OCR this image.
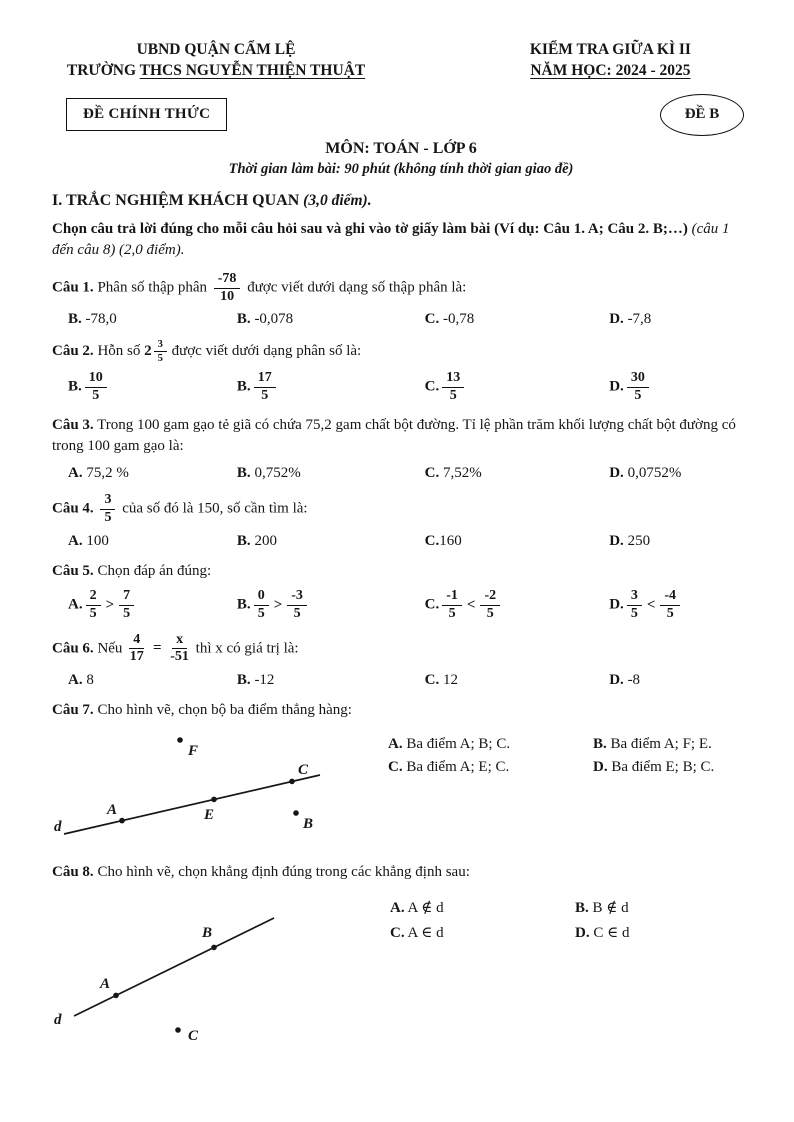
UBND QUẬN CẨM LỆ
TRƯỜNG THCS NGUYỄN THIỆN THUẬT
KIỂM TRA GIỮA KÌ II
NĂM HỌC: 2024 - 2025
ĐỀ CHÍNH THỨC	ĐỀ B
MÔN: TOÁN - LỚP 6
Thời gian làm bài: 90 phút (không tính thời gian giao đề)
I. TRẮC NGHIỆM KHÁCH QUAN (3,0 điểm).
Chọn câu trả lời đúng cho mỗi câu hỏi sau và ghi vào tờ giấy làm bài (Ví dụ: Câu 1. A; Câu 2. B;…) (câu 1 đến câu 8) (2,0 điểm).
Câu 1. Phân số thập phân $\frac{-78}{10}$ được viết dưới dạng số thập phân là:
B. -78,0	B. -0,078	C. -0,78	D. -7,8
Câu 2. Hỗn số $2 \frac{3}{5}$ được viết dưới dạng phân số là:
B. $\frac{10}{5}$	B. $\frac{17}{5}$	C. $\frac{13}{5}$	D. $\frac{30}{5}$
Câu 3. Trong 100 gam gạo tẻ giã có chứa 75,2 gam chất bột đường. Tỉ lệ phần trăm khối lượng chất bột đường có trong 100 gam gạo là:
A. 75,2 %	B. 0,752%	C. 7,52%	D. 0,0752%
Câu 4. $\frac{3}{5}$ của số đó là 150, số cần tìm là:
A. 100	B. 200	C.160	D. 250
Câu 5. Chọn đáp án đúng:
A. $\frac{2}{5} > \frac{7}{5}$	B. $\frac{0}{5} > \frac{-3}{5}$	C. $\frac{-1}{5} < \frac{-2}{5}$	D. $\frac{3}{5} < \frac{-4}{5}$
Câu 6. Nếu $\frac{4}{17} = \frac{x}{-51}$ thì x có giá trị là:
A. 8	B. -12	C. 12	D. -8
Câu 7. Cho hình vẽ, chọn bộ ba điểm thẳng hàng:
d
A	E
C
F
B
A. Ba điểm A; B; C.	B. Ba điểm A; F; E.
C. Ba điểm A; E; C.	D. Ba điểm E; B; C.
Câu 8. Cho hình vẽ, chọn khẳng định đúng trong các khẳng định sau:
d
A
B
C
A. A ∉ d	B. B ∉ d
C. A ∈ d	D. C ∈ d
